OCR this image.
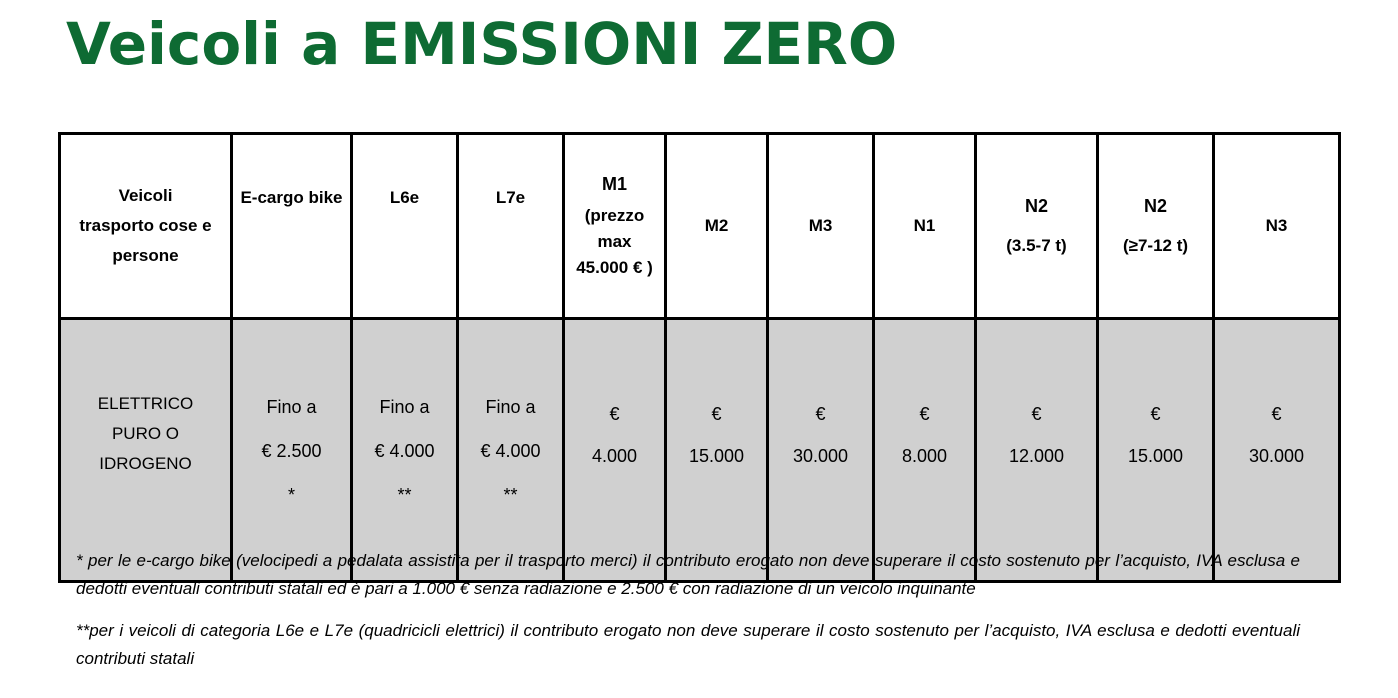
Veicoli a EMISSIONI ZERO
Veicoli
trasporto cose e
persone	E-cargo bike	L6e	L7e	M1
(prezzo
max
45.000 € )	M2	M3	N1	N2
(3.5-7 t)	N2
(≥7-12 t)	N3

ELETTRICO
PURO O
IDROGENO	Fino a
€ 2.500
*	Fino a
€ 4.000
**	Fino a
€ 4.000
**	€
4.000	€
15.000	€
30.000	€
8.000	€
12.000	€
15.000	€
30.000

* per le e-cargo bike (velocipedi a pedalata assistita per il trasporto merci) il contributo erogato non deve superare il costo sostenuto per l’acquisto, IVA esclusa e dedotti eventuali contributi statali ed è pari a 1.000 € senza radiazione e 2.500 € con radiazione di un veicolo inquinante

**per i veicoli di categoria L6e e L7e (quadricicli elettrici) il contributo erogato non deve superare il costo sostenuto per l’acquisto, IVA esclusa e dedotti eventuali contributi statali
